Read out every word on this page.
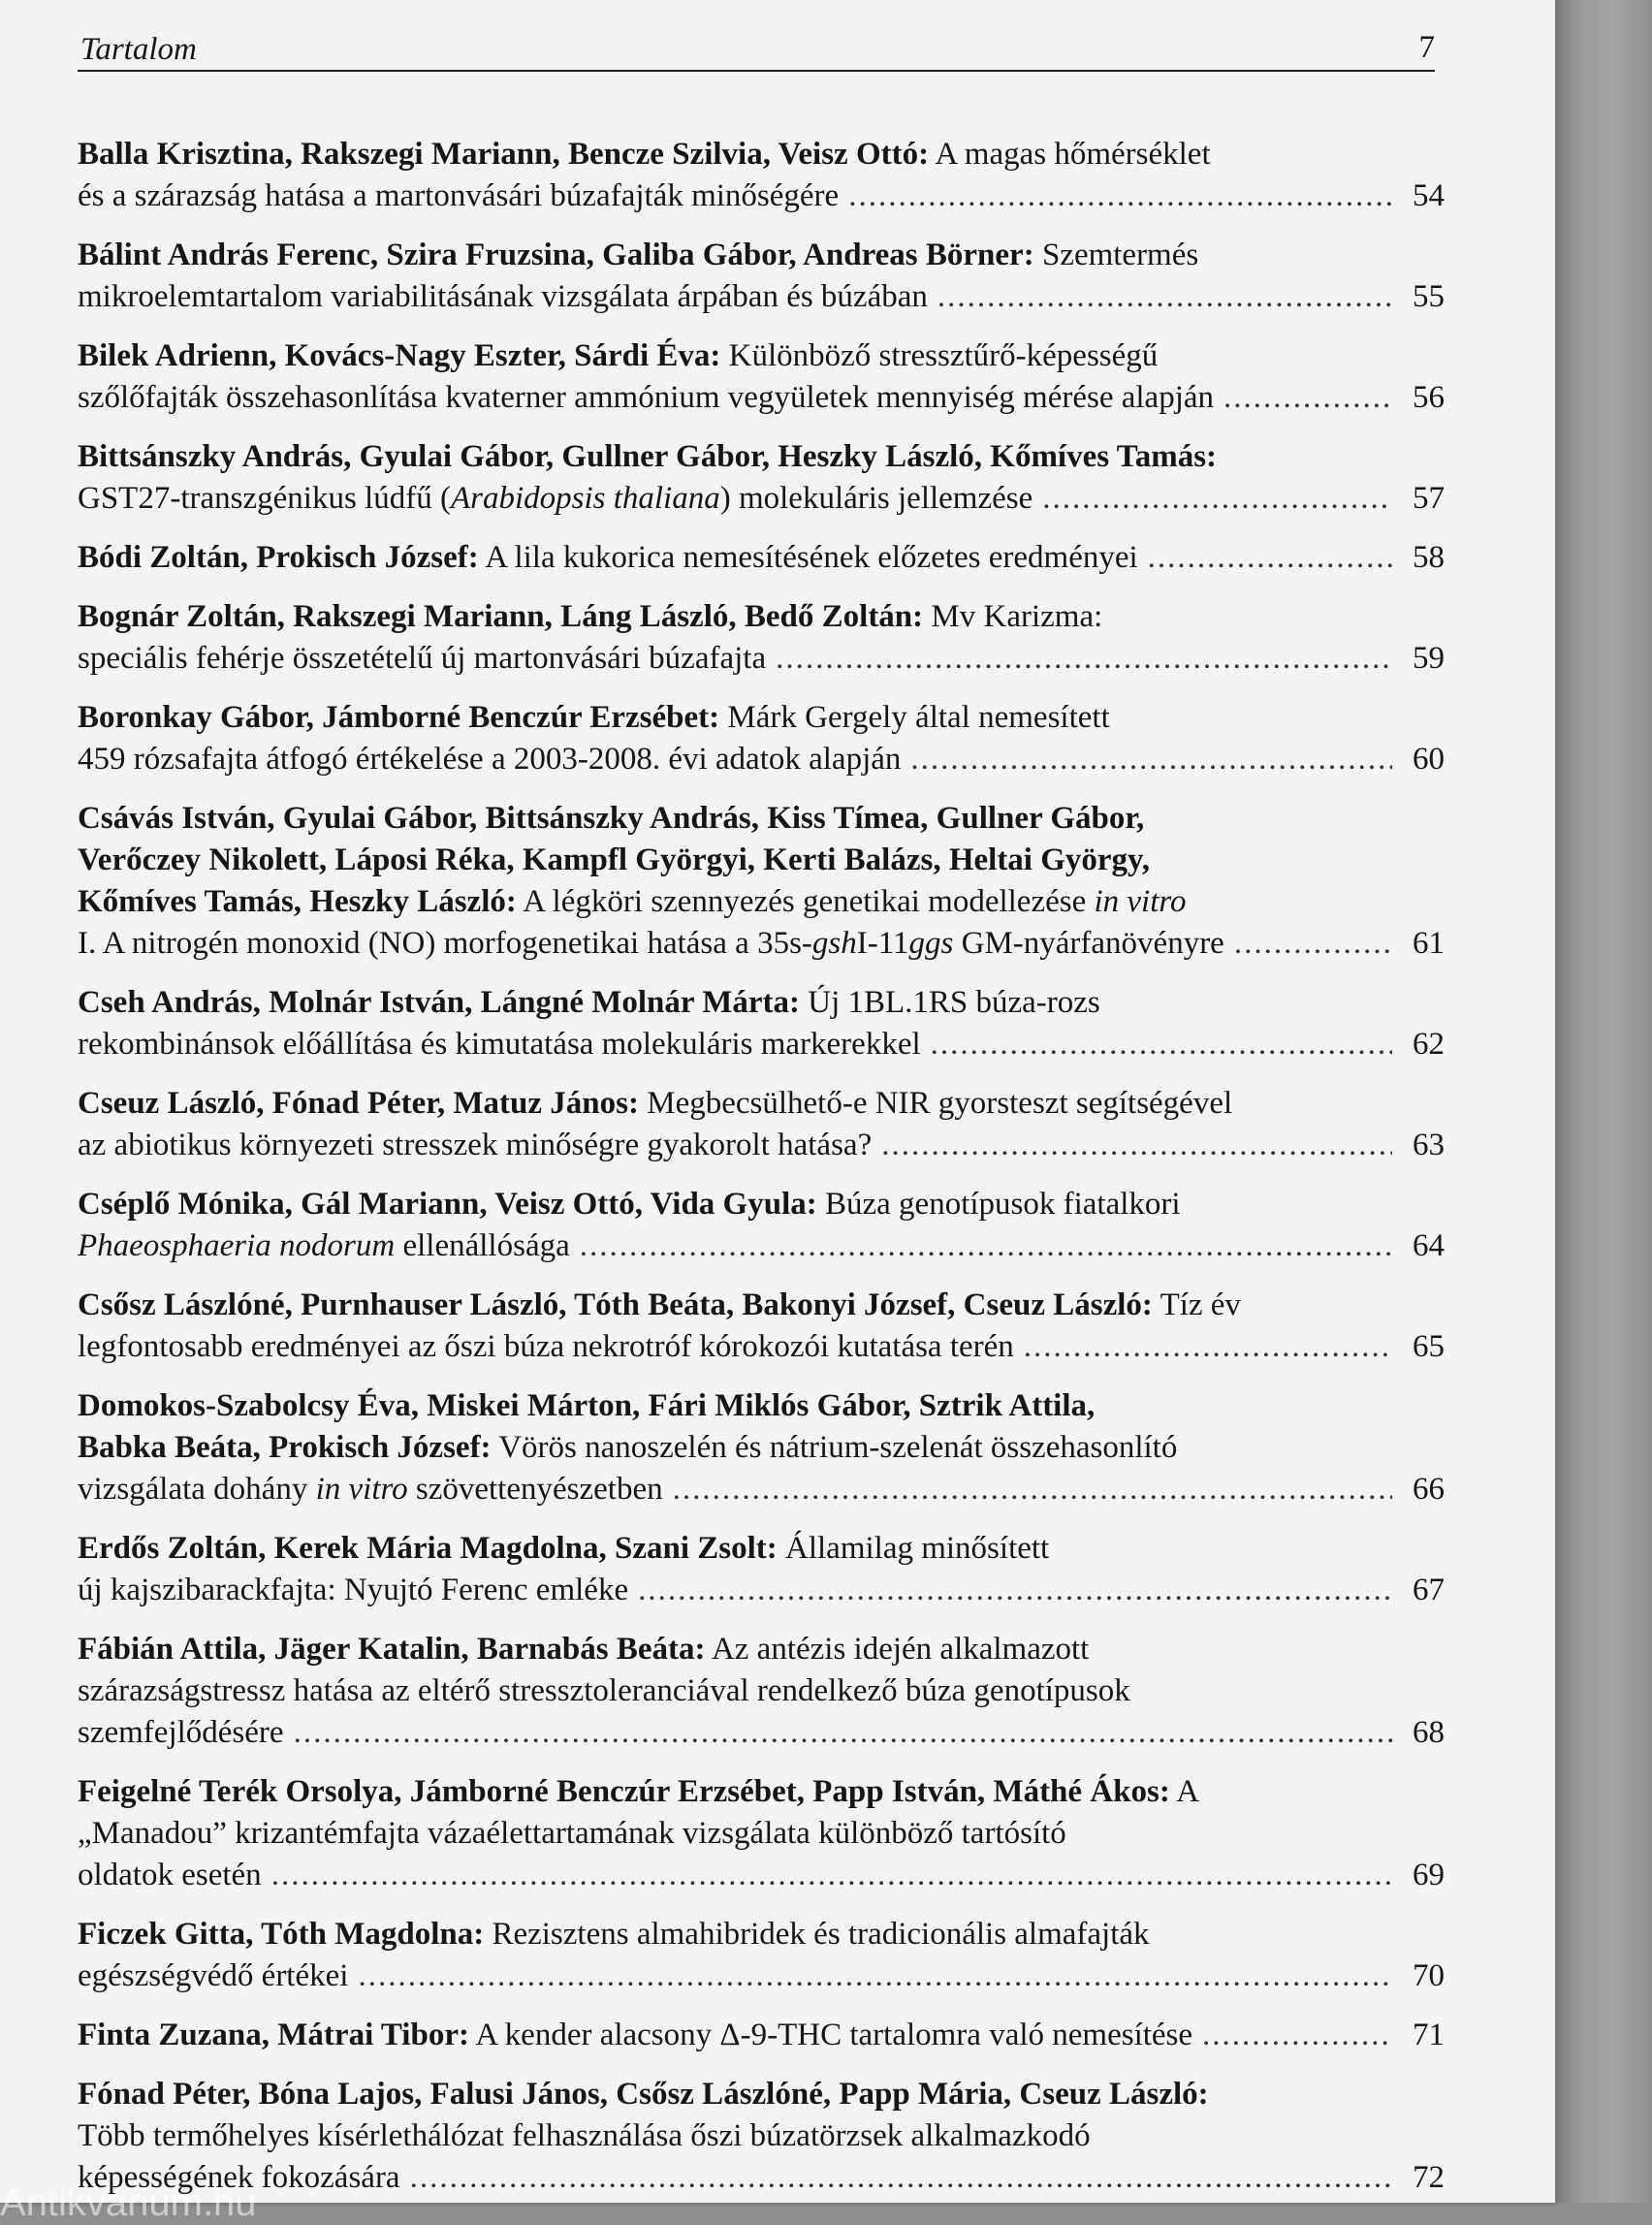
Tartalom	7
Balla Krisztina, Rakszegi Mariann, Bencze Szilvia, Veisz Ottó: A magas hőmérséklet
és a szárazság hatása a martonvásári búzafajták minőségére .....	54
Bálint András Ferenc, Szira Fruzsina, Galiba Gábor, Andreas Börner: Szemtermés
mikroelemtartalom variabilitásának vizsgálata árpában és búzában .....	55
Bilek Adrienn, Kovács-Nagy Eszter, Sárdi Éva: Különböző stressztűrő-képességű
szőlőfajták összehasonlítása kvaterner ammónium vegyületek mennyiség mérése alapján .....	56
Bittsánszky András, Gyulai Gábor, Gullner Gábor, Heszky László, Kőmíves Tamás:
GST27-transzgénikus lúdfű (Arabidopsis thaliana) molekuláris jellemzése .....	57
Bódi Zoltán, Prokisch József: A lila kukorica nemesítésének előzetes eredményei .....	58
Bognár Zoltán, Rakszegi Mariann, Láng László, Bedő Zoltán: Mv Karizma:
speciális fehérje összetételű új martonvásári búzafajta .....	59
Boronkay Gábor, Jámborné Benczúr Erzsébet: Márk Gergely által nemesített
459 rózsafajta átfogó értékelése a 2003-2008. évi adatok alapján .....	60
Csávás István, Gyulai Gábor, Bittsánszky András, Kiss Tímea, Gullner Gábor,
Verőczey Nikolett, Láposi Réka, Kampfl Györgyi, Kerti Balázs, Heltai György,
Kőmíves Tamás, Heszky László: A légköri szennyezés genetikai modellezése in vitro
I. A nitrogén monoxid (NO) morfogenetikai hatása a 35s-gshI-11ggs GM-nyárfanövényre .....	61
Cseh András, Molnár István, Lángné Molnár Márta: Új 1BL.1RS búza-rozs
rekombinánsok előállítása és kimutatása molekuláris markerekkel .....	62
Cseuz László, Fónad Péter, Matuz János: Megbecsülhető-e NIR gyorsteszt segítségével
az abiotikus környezeti stresszek minőségre gyakorolt hatása? .....	63
Cséplő Mónika, Gál Mariann, Veisz Ottó, Vida Gyula: Búza genotípusok fiatalkori
Phaeosphaeria nodorum ellenállósága .....	64
Csősz Lászlóné, Purnhauser László, Tóth Beáta, Bakonyi József, Cseuz László: Tíz év
legfontosabb eredményei az őszi búza nekrotróf kórokozói kutatása terén .....	65
Domokos-Szabolcsy Éva, Miskei Márton, Fári Miklós Gábor, Sztrik Attila,
Babka Beáta, Prokisch József: Vörös nanoszelén és nátrium-szelenát összehasonlító
vizsgálata dohány in vitro szövettenyészetben .....	66
Erdős Zoltán, Kerek Mária Magdolna, Szani Zsolt: Államilag minősített
új kajszibarackfajta: Nyujtó Ferenc emléke .....	67
Fábián Attila, Jäger Katalin, Barnabás Beáta: Az antézis idején alkalmazott
szárazságstressz hatása az eltérő stressztoleranciával rendelkező búza genotípusok
szemfejlődésére .....	68
Feigelné Terék Orsolya, Jámborné Benczúr Erzsébet, Papp István, Máthé Ákos: A
„Manadou” krizantémfajta vázaélettartamának vizsgálata különböző tartósító
oldatok esetén .....	69
Ficzek Gitta, Tóth Magdolna: Rezisztens almahibridek és tradicionális almafajták
egészségvédő értékei .....	70
Finta Zuzana, Mátrai Tibor: A kender alacsony Δ-9-THC tartalomra való nemesítése .....	71
Fónad Péter, Bóna Lajos, Falusi János, Csősz Lászlóné, Papp Mária, Cseuz László:
Több termőhelyes kísérlethálózat felhasználása őszi búzatörzsek alkalmazkodó
képességének fokozására .....	72
Antikvárium.hu
